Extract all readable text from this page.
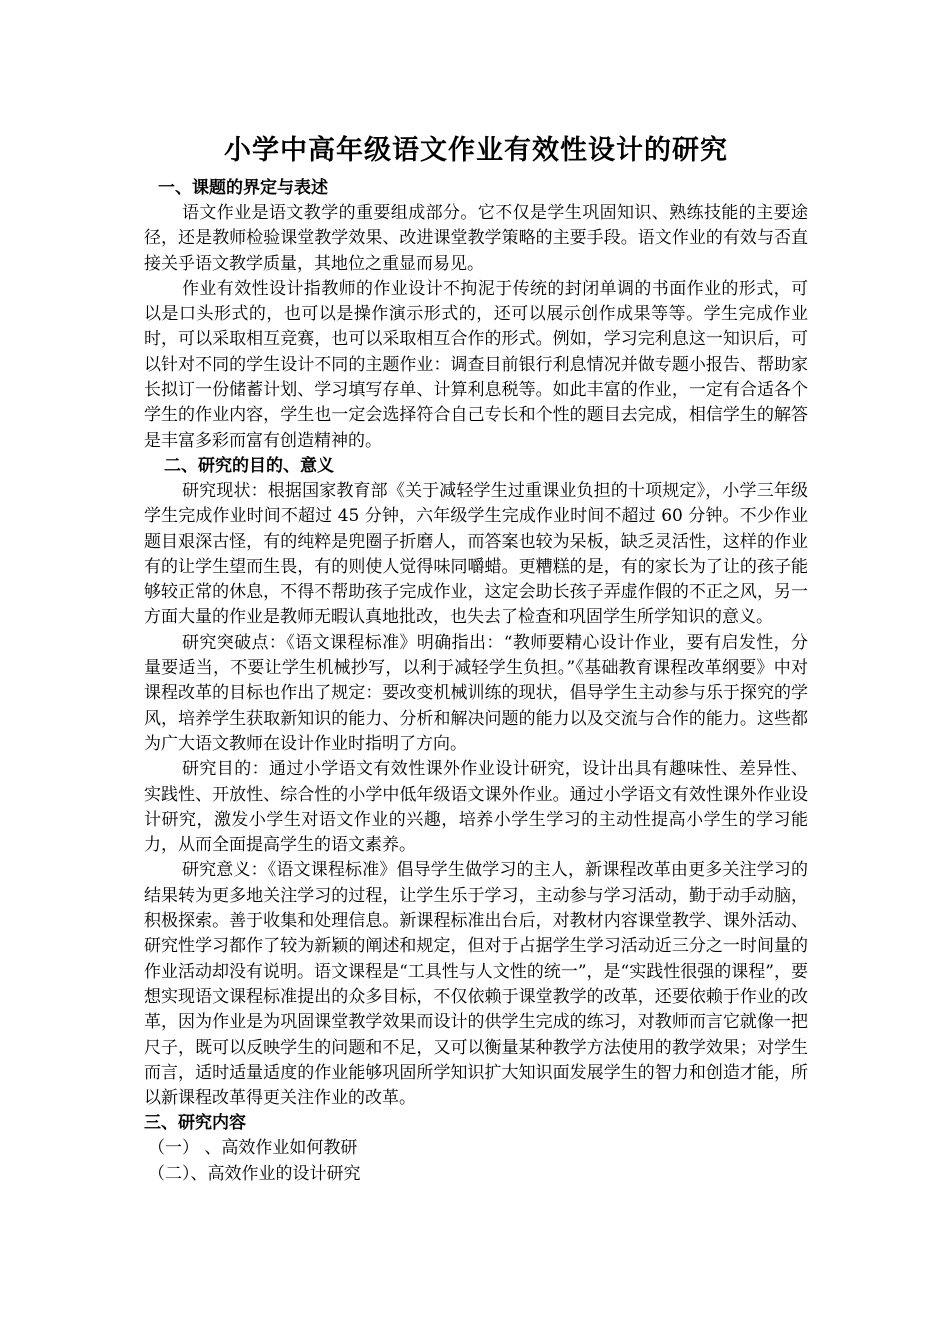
小学中高年级语文作业有效性设计的研究

一、课题的界定与表述

语文作业是语文教学的重要组成部分。它不仅是学生巩固知识、熟练技能的主要途径，还是教师检验课堂教学效果、改进课堂教学策略的主要手段。语文作业的有效与否直接关乎语文教学质量，其地位之重显而易见。

作业有效性设计指教师的作业设计不拘泥于传统的封闭单调的书面作业的形式，可以是口头形式的，也可以是操作演示形式的，还可以展示创作成果等等。学生完成作业时，可以采取相互竞赛，也可以采取相互合作的形式。例如，学习完利息这一知识后，可以针对不同的学生设计不同的主题作业：调查目前银行利息情况并做专题小报告、帮助家长拟订一份储蓄计划、学习填写存单、计算利息税等。如此丰富的作业，一定有合适各个学生的作业内容，学生也一定会选择符合自己专长和个性的题目去完成，相信学生的解答是丰富多彩而富有创造精神的。

二、研究的目的、意义

研究现状：根据国家教育部《关于减轻学生过重课业负担的十项规定》，小学三年级学生完成作业时间不超过 45 分钟，六年级学生完成作业时间不超过 60 分钟。不少作业题目艰深古怪，有的纯粹是兜圈子折磨人，而答案也较为呆板，缺乏灵活性，这样的作业有的让学生望而生畏，有的则使人觉得味同嚼蜡。更糟糕的是，有的家长为了让的孩子能够较正常的休息，不得不帮助孩子完成作业，这定会助长孩子弄虚作假的不正之风，另一方面大量的作业是教师无暇认真地批改，也失去了检查和巩固学生所学知识的意义。

研究突破点：《语文课程标准》明确指出：“教师要精心设计作业，要有启发性，分量要适当，不要让学生机械抄写，以利于减轻学生负担。”《基础教育课程改革纲要》中对课程改革的目标也作出了规定：要改变机械训练的现状，倡导学生主动参与乐于探究的学风，培养学生获取新知识的能力、分析和解决问题的能力以及交流与合作的能力。这些都为广大语文教师在设计作业时指明了方向。

研究目的：通过小学语文有效性课外作业设计研究，设计出具有趣味性、差异性、实践性、开放性、综合性的小学中低年级语文课外作业。通过小学语文有效性课外作业设计研究，激发小学生对语文作业的兴趣，培养小学生学习的主动性提高小学生的学习能力，从而全面提高学生的语文素养。

研究意义：《语文课程标准》倡导学生做学习的主人，新课程改革由更多关注学习的结果转为更多地关注学习的过程，让学生乐于学习，主动参与学习活动，勤于动手动脑，积极探索。善于收集和处理信息。新课程标准出台后，对教材内容课堂教学、课外活动、研究性学习都作了较为新颖的阐述和规定，但对于占据学生学习活动近三分之一时间量的作业活动却没有说明。语文课程是“工具性与人文性的统一”，是“实践性很强的课程”，要想实现语文课程标准提出的众多目标，不仅依赖于课堂教学的改革，还要依赖于作业的改革，因为作业是为巩固课堂教学效果而设计的供学生完成的练习，对教师而言它就像一把尺子，既可以反映学生的问题和不足，又可以衡量某种教学方法使用的教学效果；对学生而言，适时适量适度的作业能够巩固所学知识扩大知识面发展学生的智力和创造才能，所以新课程改革得更关注作业的改革。

三、研究内容

（一） 、高效作业如何教研

（二）、高效作业的设计研究
